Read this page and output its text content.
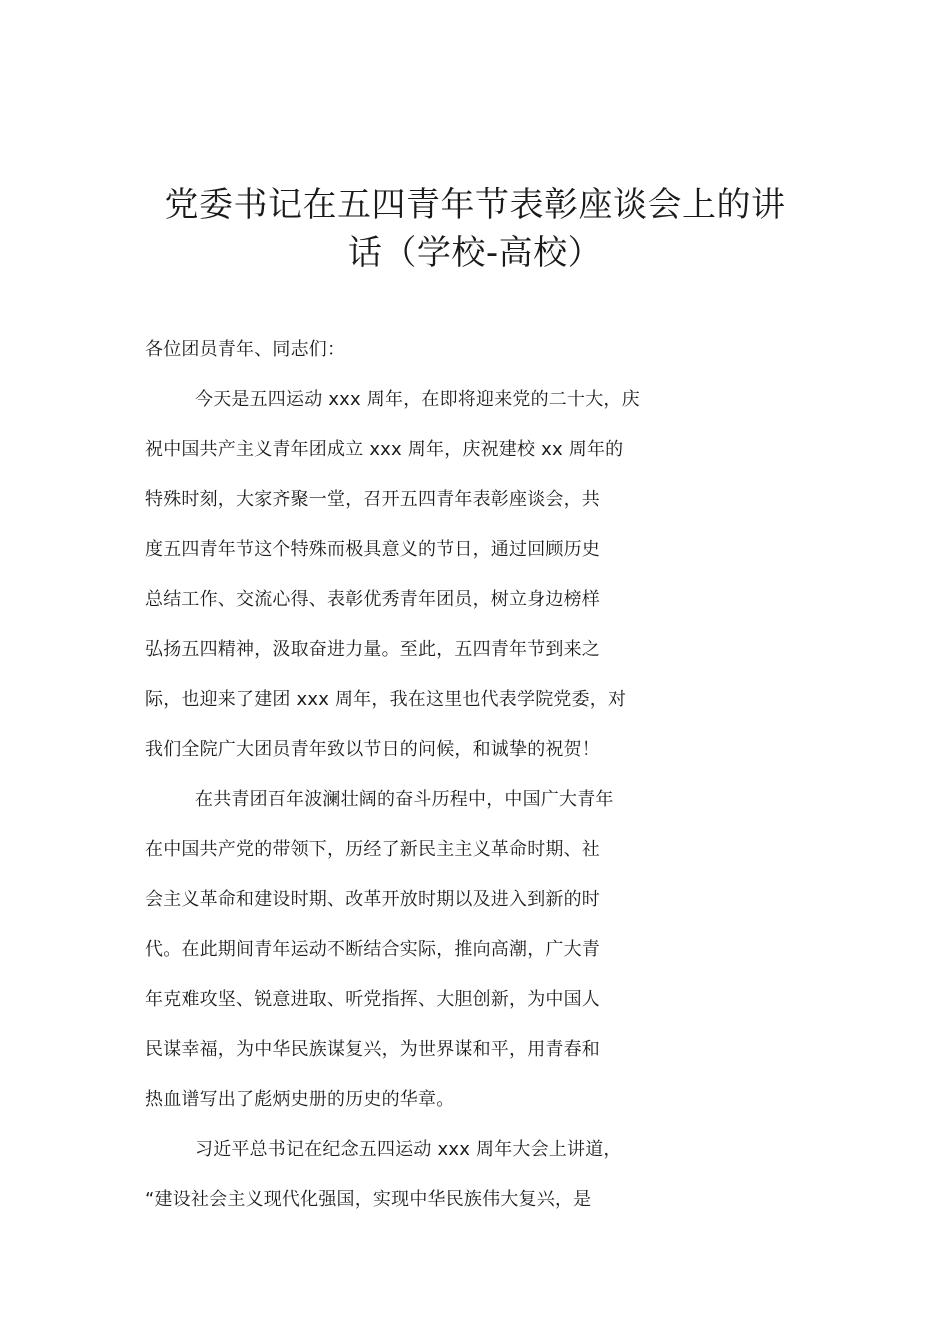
党委书记在五四青年节表彰座谈会上的讲
话（学校-高校）
各位团员青年、同志们：
今天是五四运动 xxx 周年，在即将迎来党的二十大，庆
祝中国共产主义青年团成立 xxx 周年，庆祝建校 xx 周年的
特殊时刻，大家齐聚一堂，召开五四青年表彰座谈会，共
度五四青年节这个特殊而极具意义的节日，通过回顾历史
总结工作、交流心得、表彰优秀青年团员，树立身边榜样
弘扬五四精神，汲取奋进力量。至此，五四青年节到来之
际，也迎来了建团 xxx 周年，我在这里也代表学院党委，对
我们全院广大团员青年致以节日的问候，和诚挚的祝贺！
在共青团百年波澜壮阔的奋斗历程中，中国广大青年
在中国共产党的带领下，历经了新民主主义革命时期、社
会主义革命和建设时期、改革开放时期以及进入到新的时
代。在此期间青年运动不断结合实际，推向高潮，广大青
年克难攻坚、锐意进取、听党指挥、大胆创新，为中国人
民谋幸福，为中华民族谋复兴，为世界谋和平，用青春和
热血谱写出了彪炳史册的历史的华章。
习近平总书记在纪念五四运动 xxx 周年大会上讲道，
“建设社会主义现代化强国，实现中华民族伟大复兴，是
